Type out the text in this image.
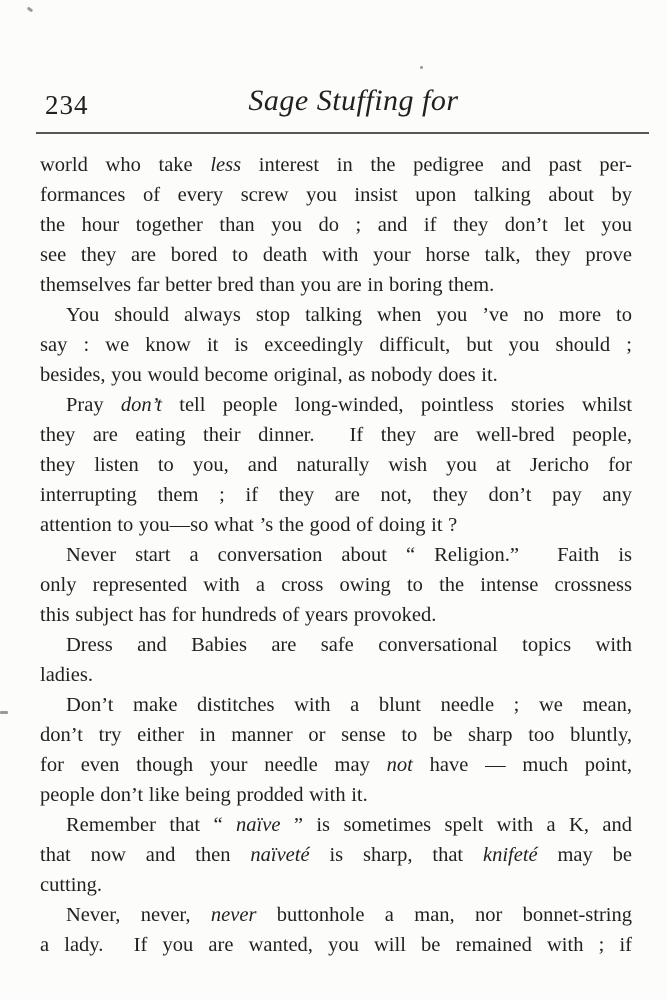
234	Sage Stuffing for
world who take less interest in the pedigree and past per-
formances of every screw you insist upon talking about by
the hour together than you do ; and if they don’t let you
see they are bored to death with your horse talk, they prove
themselves far better bred than you are in boring them.
You should always stop talking when you ’ve no more to
say : we know it is exceedingly difficult, but you should ;
besides, you would become original, as nobody does it.
Pray don’t tell people long-winded, pointless stories whilst
they are eating their dinner.  If they are well-bred people,
they listen to you, and naturally wish you at Jericho for
interrupting them ; if they are not, they don’t pay any
attention to you—so what ’s the good of doing it ?
Never start a conversation about “ Religion.”  Faith is
only represented with a cross owing to the intense crossness
this subject has for hundreds of years provoked.
Dress and Babies are safe conversational topics with
ladies.
Don’t make distitches with a blunt needle ; we mean,
don’t try either in manner or sense to be sharp too bluntly,
for even though your needle may not have — much point,
people don’t like being prodded with it.
Remember that “ naïve ” is sometimes spelt with a K, and
that now and then naïveté is sharp, that knifeté may be
cutting.
Never, never, never buttonhole a man, nor bonnet-string
a lady.  If you are wanted, you will be remained with ; if
